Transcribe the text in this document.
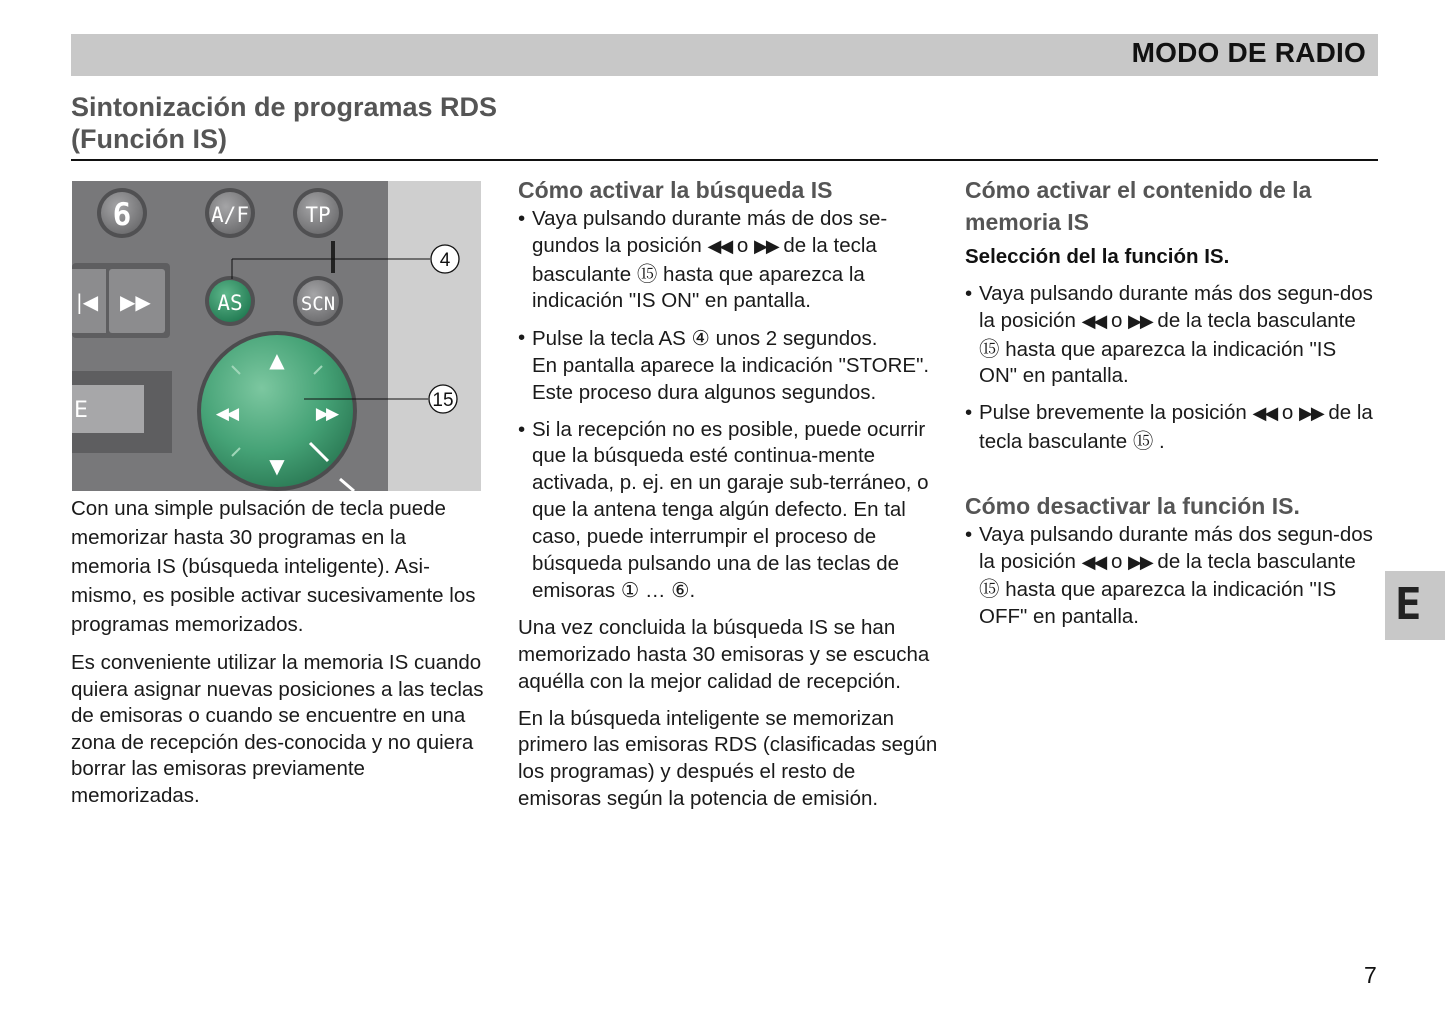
MODO DE RADIO
Sintonización de programas RDS
(Función IS)
|◀ ▶▶
E
6	A/F	TP
AS	SCN
▲
▼
◀◀	▶▶
4
15

Con una simple pulsación de tecla puede memorizar hasta 30 programas en la memoria IS (búsqueda inteligente). Asi-mismo, es posible activar sucesivamente los programas memorizados.

Es conveniente utilizar la memoria IS cuando quiera asignar nuevas posiciones a las teclas de emisoras o cuando se encuentre en una zona de recepción des-conocida y no quiera borrar las emisoras previamente memorizadas.

Cómo activar la búsqueda IS
• Vaya pulsando durante más de dos se-gundos la posición ◀◀ o ▶▶ de la tecla basculante ⑮ hasta que aparezca la indicación "IS ON" en pantalla.
• Pulse la tecla AS ④ unos 2 segundos.
En pantalla aparece la indicación "STORE".
Este proceso dura algunos segundos.
• Si la recepción no es posible, puede ocurrir que la búsqueda esté continua-mente activada, p. ej. en un garaje sub-terráneo, o que la antena tenga algún defecto. En tal caso, puede interrumpir el proceso de búsqueda pulsando una de las teclas de emisoras ① … ⑥.

Una vez concluida la búsqueda IS se han memorizado hasta 30 emisoras y se escucha aquélla con la mejor calidad de recepción.

En la búsqueda inteligente se memorizan primero las emisoras RDS (clasificadas según los programas) y después el resto de emisoras según la potencia de emisión.

Cómo activar el contenido de la memoria IS
Selección del la función IS.
• Vaya pulsando durante más dos segun-dos la posición ◀◀ o ▶▶ de la tecla basculante ⑮ hasta que aparezca la indicación "IS ON" en pantalla.
• Pulse brevemente la posición ◀◀ o ▶▶ de la tecla basculante ⑮ .
Cómo desactivar la función IS.
• Vaya pulsando durante más dos segun-dos la posición ◀◀ o ▶▶ de la tecla basculante ⑮ hasta que aparezca la indicación "IS OFF" en pantalla.	E
7
